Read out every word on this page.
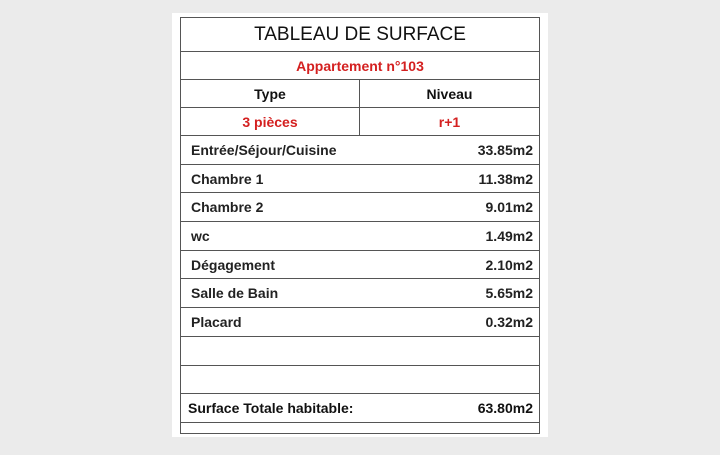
TABLEAU DE SURFACE
Appartement n°103
Type	Niveau
3 pièces	r+1
Entrée/Séjour/Cuisine	33.85m2
Chambre 1	11.38m2
Chambre 2	9.01m2
wc	1.49m2
Dégagement	2.10m2
Salle de Bain	5.65m2
Placard	0.32m2
Surface Totale habitable:	63.80m2
